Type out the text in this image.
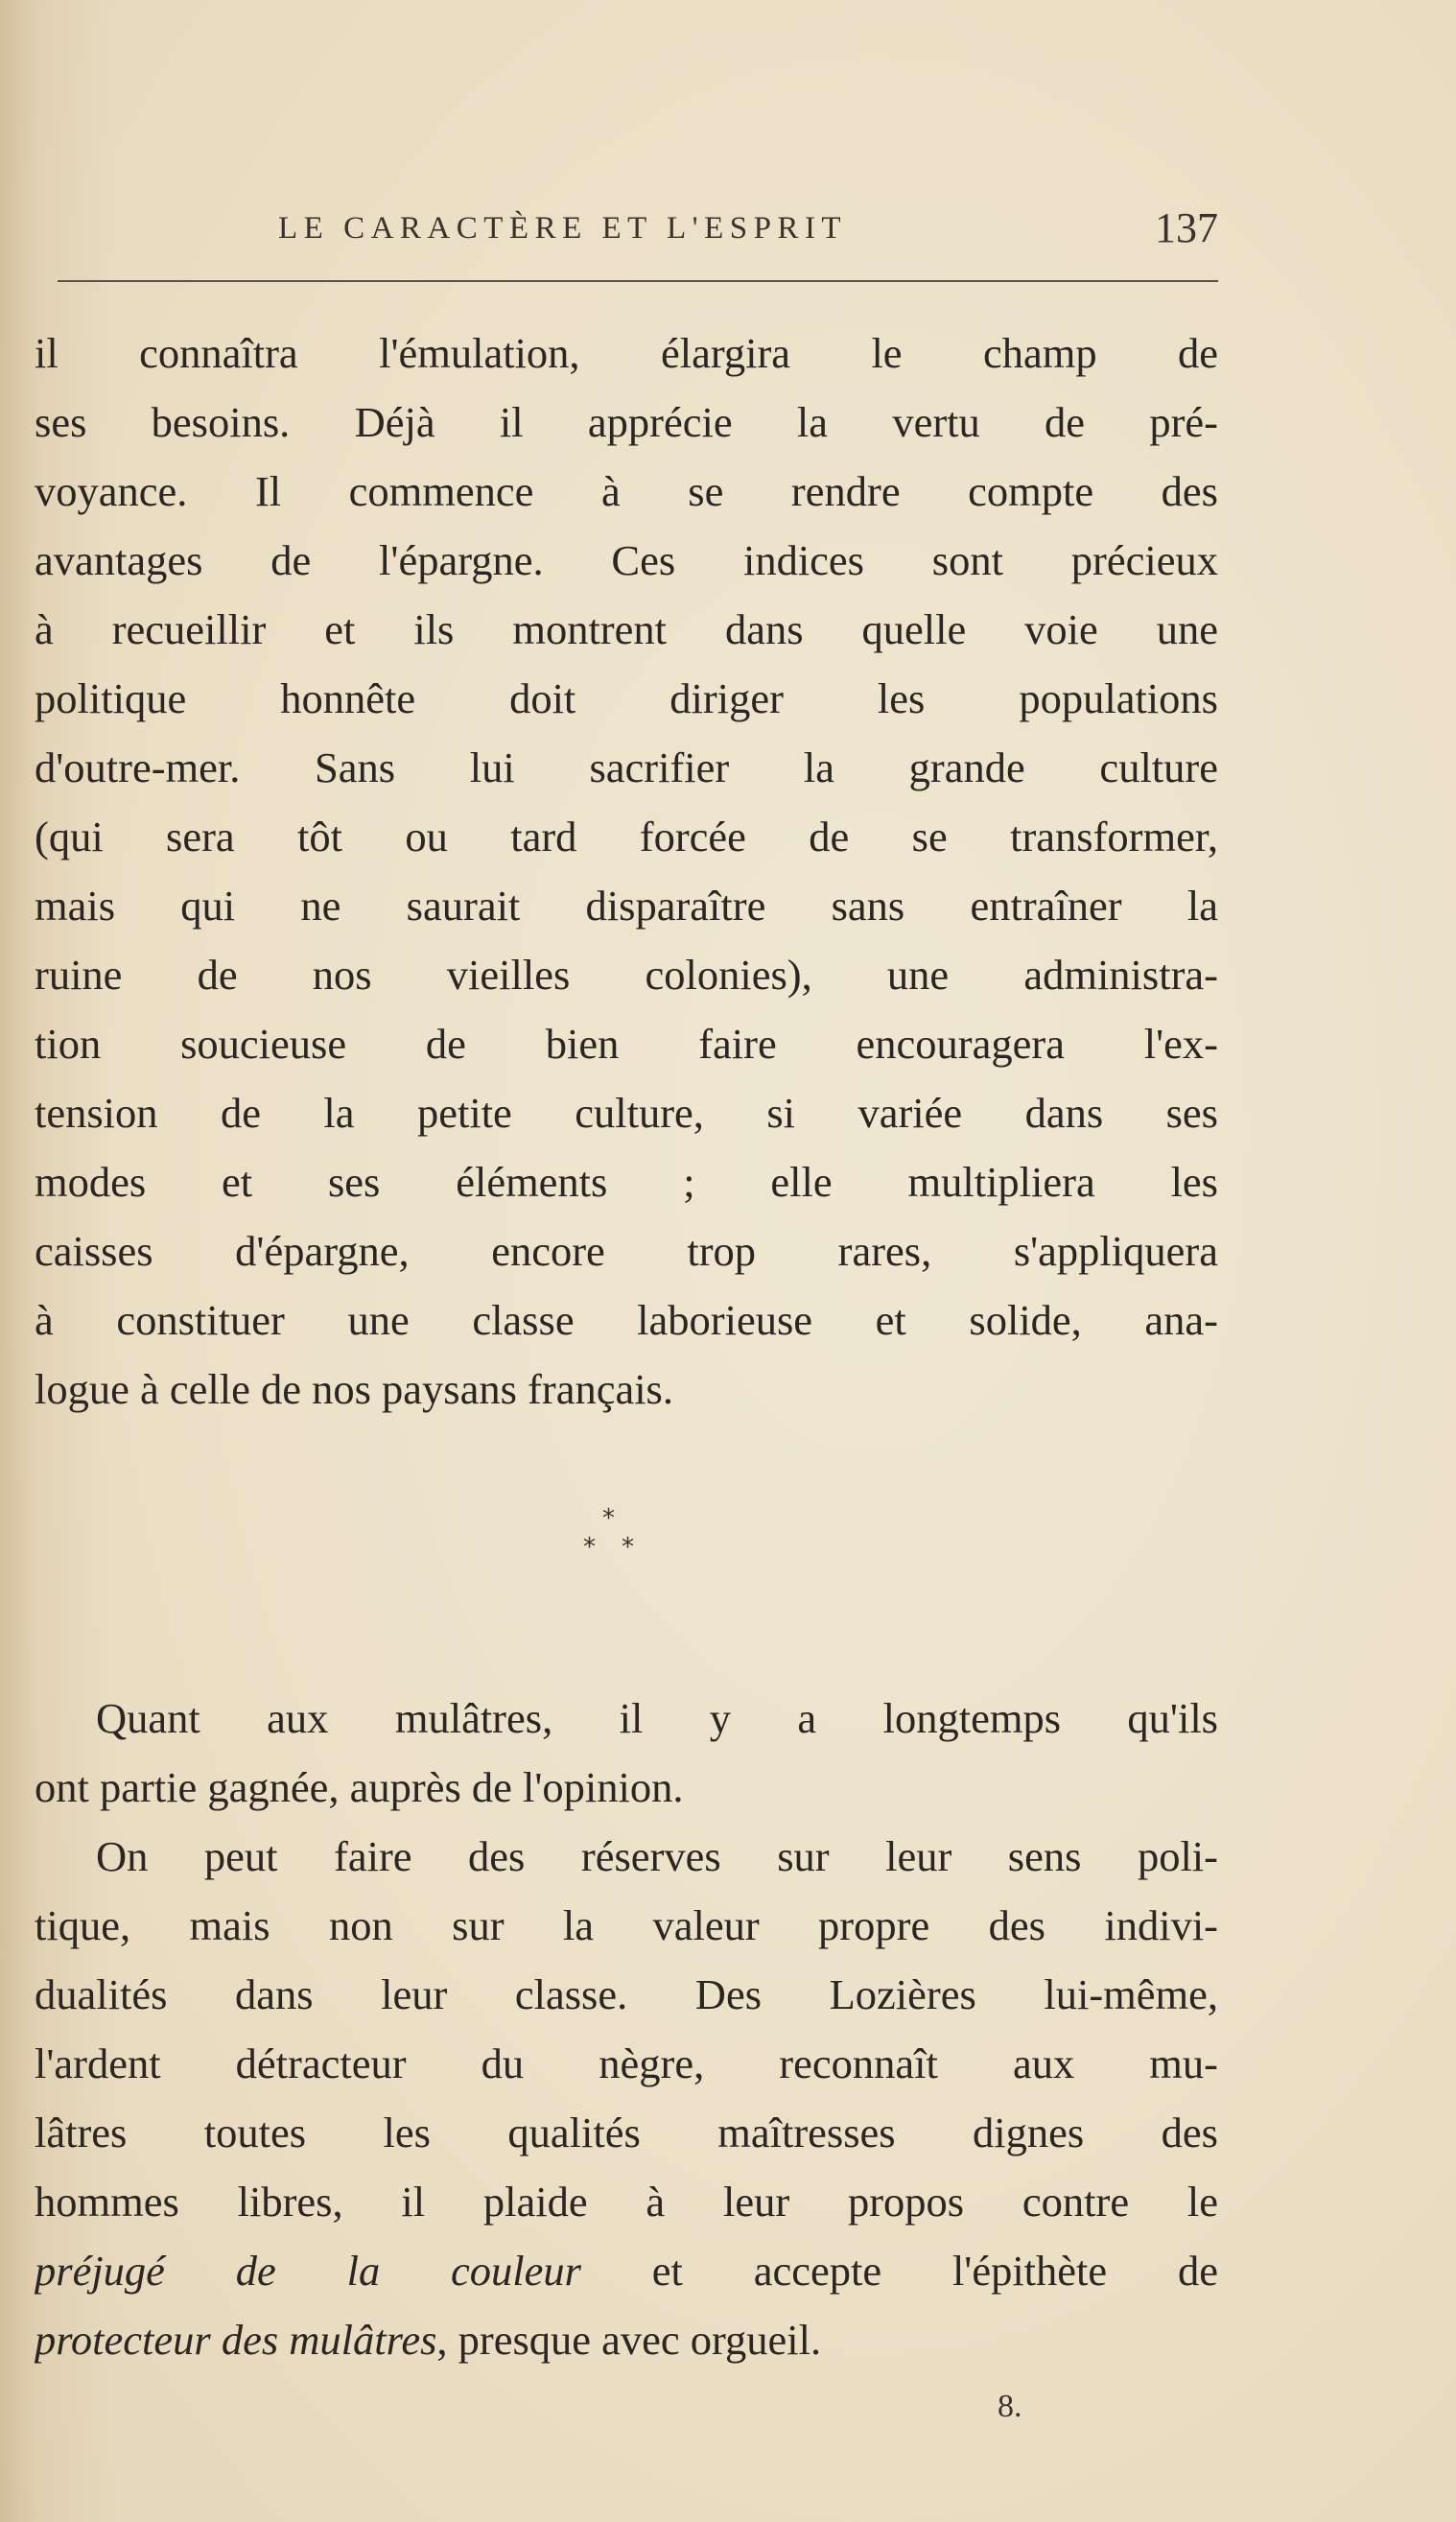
LE CARACTÈRE ET L'ESPRIT	137
il connaîtra l'émulation, élargira le champ de
ses besoins. Déjà il apprécie la vertu de pré-
voyance. Il commence à se rendre compte des
avantages de l'épargne. Ces indices sont précieux
à recueillir et ils montrent dans quelle voie une
politique honnête doit diriger les populations
d'outre-mer. Sans lui sacrifier la grande culture
(qui sera tôt ou tard forcée de se transformer,
mais qui ne saurait disparaître sans entraîner la
ruine de nos vieilles colonies), une administra-
tion soucieuse de bien faire encouragera l'ex-
tension de la petite culture, si variée dans ses
modes et ses éléments ; elle multipliera les
caisses d'épargne, encore trop rares, s'appliquera
à constituer une classe laborieuse et solide, ana-
logue à celle de nos paysans français.
*
* *
Quant aux mulâtres, il y a longtemps qu'ils
ont partie gagnée, auprès de l'opinion.
On peut faire des réserves sur leur sens poli-
tique, mais non sur la valeur propre des indivi-
dualités dans leur classe. Des Lozières lui-même,
l'ardent détracteur du nègre, reconnaît aux mu-
lâtres toutes les qualités maîtresses dignes des
hommes libres, il plaide à leur propos contre le
préjugé de la couleur et accepte l'épithète de
protecteur des mulâtres, presque avec orgueil.
8.
